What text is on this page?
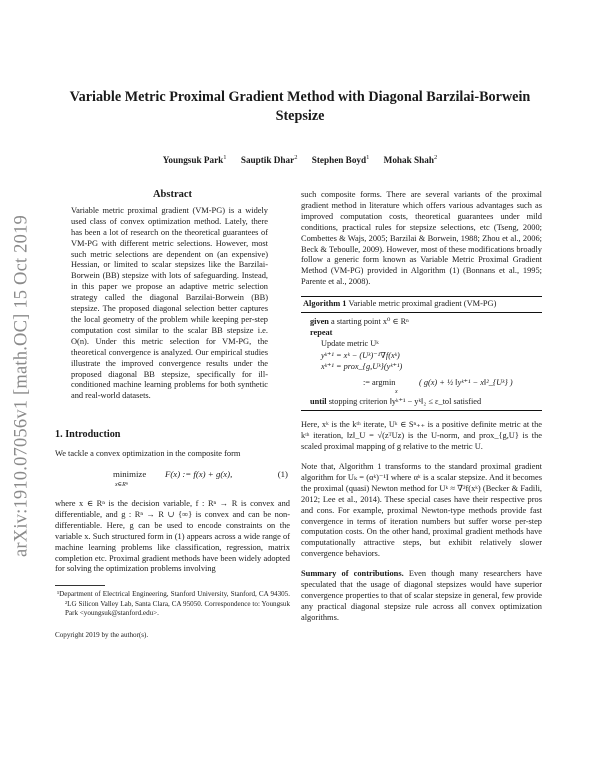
arXiv:1910.07056v1 [math.OC] 15 Oct 2019
Variable Metric Proximal Gradient Method with Diagonal Barzilai-Borwein Stepsize
Youngsuk Park$^1$ Sauptik Dhar$^2$ Stephen Boyd$^1$ Mohak Shah$^2$
Abstract

Variable metric proximal gradient (VM-PG) is a widely used class of convex optimization method. Lately, there has been a lot of research on the theoretical guarantees of VM-PG with different metric selections. However, most such metric selections are dependent on (an expensive) Hessian, or limited to scalar stepsizes like the Barzilai-Borwein (BB) stepsize with lots of safeguarding. Instead, in this paper we propose an adaptive metric selection strategy called the diagonal Barzilai-Borwein (BB) stepsize. The proposed diagonal selection better captures the local geometry of the problem while keeping per-step computation cost similar to the scalar BB stepsize i.e. O(n). Under this metric selection for VM-PG, the theoretical convergence is analyzed. Our empirical studies illustrate the improved convergence results under the proposed diagonal BB stepsize, specifically for ill-conditioned machine learning problems for both synthetic and real-world datasets.

1. Introduction

We tackle a convex optimization in the composite form

minimize
x∈Rⁿ
F(x) := f(x) + g(x),	(1)

where x ∈ Rⁿ is the decision variable, f : Rⁿ → R is convex and differentiable, and g : Rⁿ → R ∪ {∞} is convex and can be non-differentiable. Here, g can be used to encode constraints on the variable x. Such structured form in (1) appears across a wide range of machine learning problems like classification, regression, matrix completion etc. Proximal gradient methods have been widely adopted for solving the optimization problems involving

¹Department of Electrical Engineering, Stanford University, Stanford, CA 94305. ²LG Silicon Valley Lab, Santa Clara, CA 95050. Correspondence to: Youngsuk Park <youngsuk@stanford.edu>.
Copyright 2019 by the author(s).

such composite forms. There are several variants of the proximal gradient method in literature which offers various advantages such as improved computation costs, theoretical guarantees under mild conditions, practical rules for stepsize selections, etc (Tseng, 2000; Combettes & Wajs, 2005; Barzilai & Borwein, 1988; Zhou et al., 2006; Beck & Teboulle, 2009). However, most of these modifications broadly follow a generic form known as Variable Metric Proximal Gradient Method (VM-PG) provided in Algorithm (1) (Bonnans et al., 1995; Parente et al., 2008).

Algorithm 1 Variable metric proximal gradient (VM-PG)
given a starting point x⁰ ∈ Rⁿ
repeat
Update metric Uᵏ
yᵏ⁺¹ = xᵏ − (Uᵏ)⁻¹∇f(xᵏ)
xᵏ⁺¹ = prox_{g,Uᵏ}(yᵏ⁺¹)
:= argmin
x
( g(x) + ½ ‖yᵏ⁺¹ − x‖²_{Uᵏ} )
until stopping criterion ‖yᵏ⁺¹ − yᵏ‖₂ ≤ ε_tol satisfied

Here, xᵏ is the kᵗʰ iterate, Uᵏ ∈ Sⁿ₊₊ is a positive definite metric at the kᵗʰ iteration, ‖z‖_U = √(zᵀUz) is the U-norm, and prox_{g,U} is the scaled proximal mapping of g relative to the metric U.

Note that, Algorithm 1 transforms to the standard proximal gradient algorithm for Uₖ = (αᵏ)⁻¹I where αᵏ is a scalar stepsize. And it becomes the proximal (quasi) Newton method for Uᵏ ≈ ∇²f(xᵏ) (Becker & Fadili, 2012; Lee et al., 2014). These special cases have their respective pros and cons. For example, proximal Newton-type methods provide fast convergence in terms of iteration numbers but suffer worse per-step computation costs. On the other hand, proximal gradient methods have computationally attractive steps, but exhibit relatively slower convergence behaviors.

Summary of contributions. Even though many researchers have speculated that the usage of diagonal stepsizes would have superior convergence properties to that of scalar stepsize in general, few provide any practical diagonal stepsize rule across all convex optimization algorithms.
